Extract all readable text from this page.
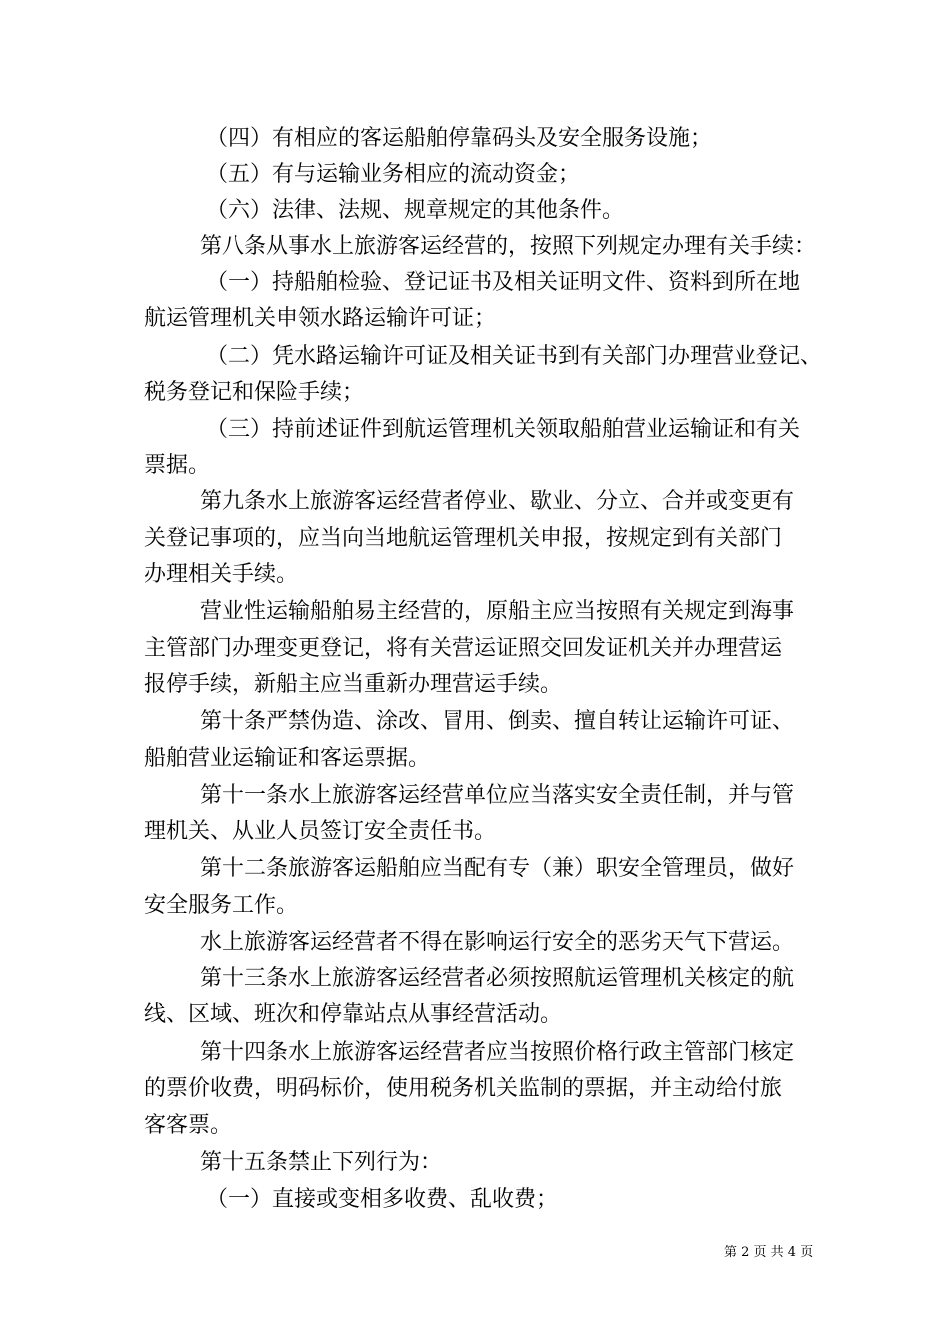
（四）有相应的客运船舶停靠码头及安全服务设施；
（五）有与运输业务相应的流动资金；
（六）法律、法规、规章规定的其他条件。
第八条从事水上旅游客运经营的，按照下列规定办理有关手续：
（一）持船舶检验、登记证书及相关证明文件、资料到所在地
航运管理机关申领水路运输许可证；
（二）凭水路运输许可证及相关证书到有关部门办理营业登记、
税务登记和保险手续；
（三）持前述证件到航运管理机关领取船舶营业运输证和有关
票据。
第九条水上旅游客运经营者停业、歇业、分立、合并或变更有
关登记事项的，应当向当地航运管理机关申报，按规定到有关部门
办理相关手续。
营业性运输船舶易主经营的，原船主应当按照有关规定到海事
主管部门办理变更登记，将有关营运证照交回发证机关并办理营运
报停手续，新船主应当重新办理营运手续。
第十条严禁伪造、涂改、冒用、倒卖、擅自转让运输许可证、
船舶营业运输证和客运票据。
第十一条水上旅游客运经营单位应当落实安全责任制，并与管
理机关、从业人员签订安全责任书。
第十二条旅游客运船舶应当配有专（兼）职安全管理员，做好
安全服务工作。
水上旅游客运经营者不得在影响运行安全的恶劣天气下营运。
第十三条水上旅游客运经营者必须按照航运管理机关核定的航
线、区域、班次和停靠站点从事经营活动。
第十四条水上旅游客运经营者应当按照价格行政主管部门核定
的票价收费，明码标价，使用税务机关监制的票据，并主动给付旅
客客票。
第十五条禁止下列行为：
（一）直接或变相多收费、乱收费；
第 2 页 共 4 页
